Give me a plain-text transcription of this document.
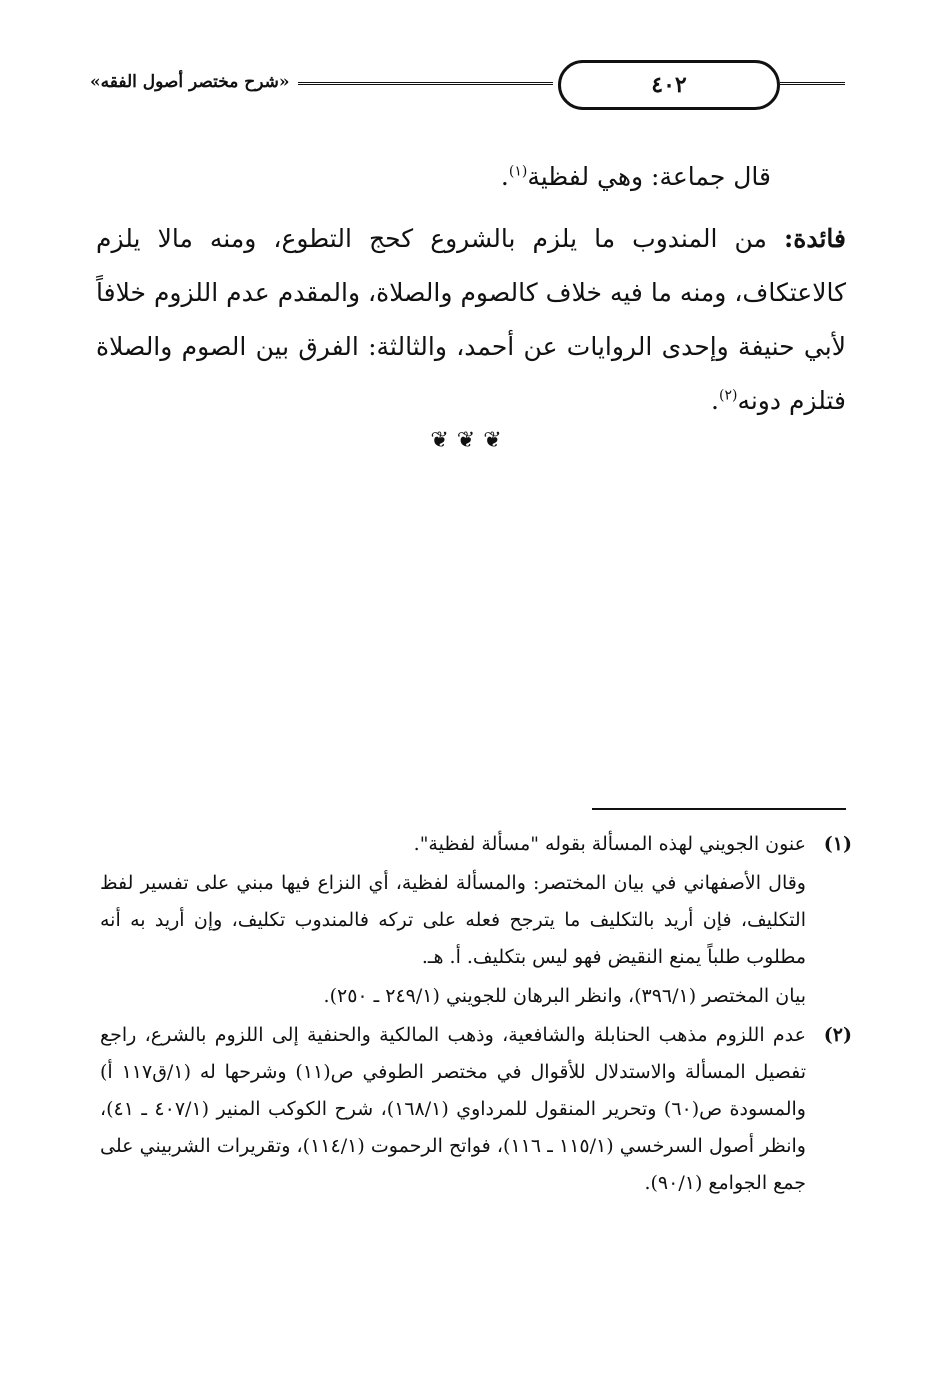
«شرح مختصر أصول الفقه»	٤٠٢

قال جماعة: وهي لفظية$^{(١)}$.

فائدة: من المندوب ما يلزم بالشروع كحج التطوع، ومنه مالا يلزم كالاعتكاف، ومنه ما فيه خلاف كالصوم والصلاة، والمقدم عدم اللزوم خلافاً لأبي حنيفة وإحدى الروايات عن أحمد، والثالثة: الفرق بين الصوم والصلاة فتلزم دونه$^{(٢)}$.

❦❦❦
(١)

عنون الجويني لهذه المسألة بقوله "مسألة لفظية".

وقال الأصفهاني في بيان المختصر: والمسألة لفظية، أي النزاع فيها مبني على تفسير لفظ التكليف، فإن أريد بالتكليف ما يترجح فعله على تركه فالمندوب تكليف، وإن أريد به أنه مطلوب طلباً يمنع النقيض فهو ليس بتكليف. أ. هـ.

بيان المختصر (٣٩٦/١)، وانظر البرهان للجويني (٢٤٩/١ ـ ٢٥٠).

(٢)

عدم اللزوم مذهب الحنابلة والشافعية، وذهب المالكية والحنفية إلى اللزوم بالشرع، راجع تفصيل المسألة والاستدلال للأقوال في مختصر الطوفي ص(١١) وشرحها له (١/ق١١٧ أ) والمسودة ص(٦٠) وتحرير المنقول للمرداوي (١٦٨/١)، شرح الكوكب المنير (٤٠٧/١ ـ ٤١)، وانظر أصول السرخسي (١١٥/١ ـ ١١٦)، فواتح الرحموت (١١٤/١)، وتقريرات الشربيني على جمع الجوامع (٩٠/١).
